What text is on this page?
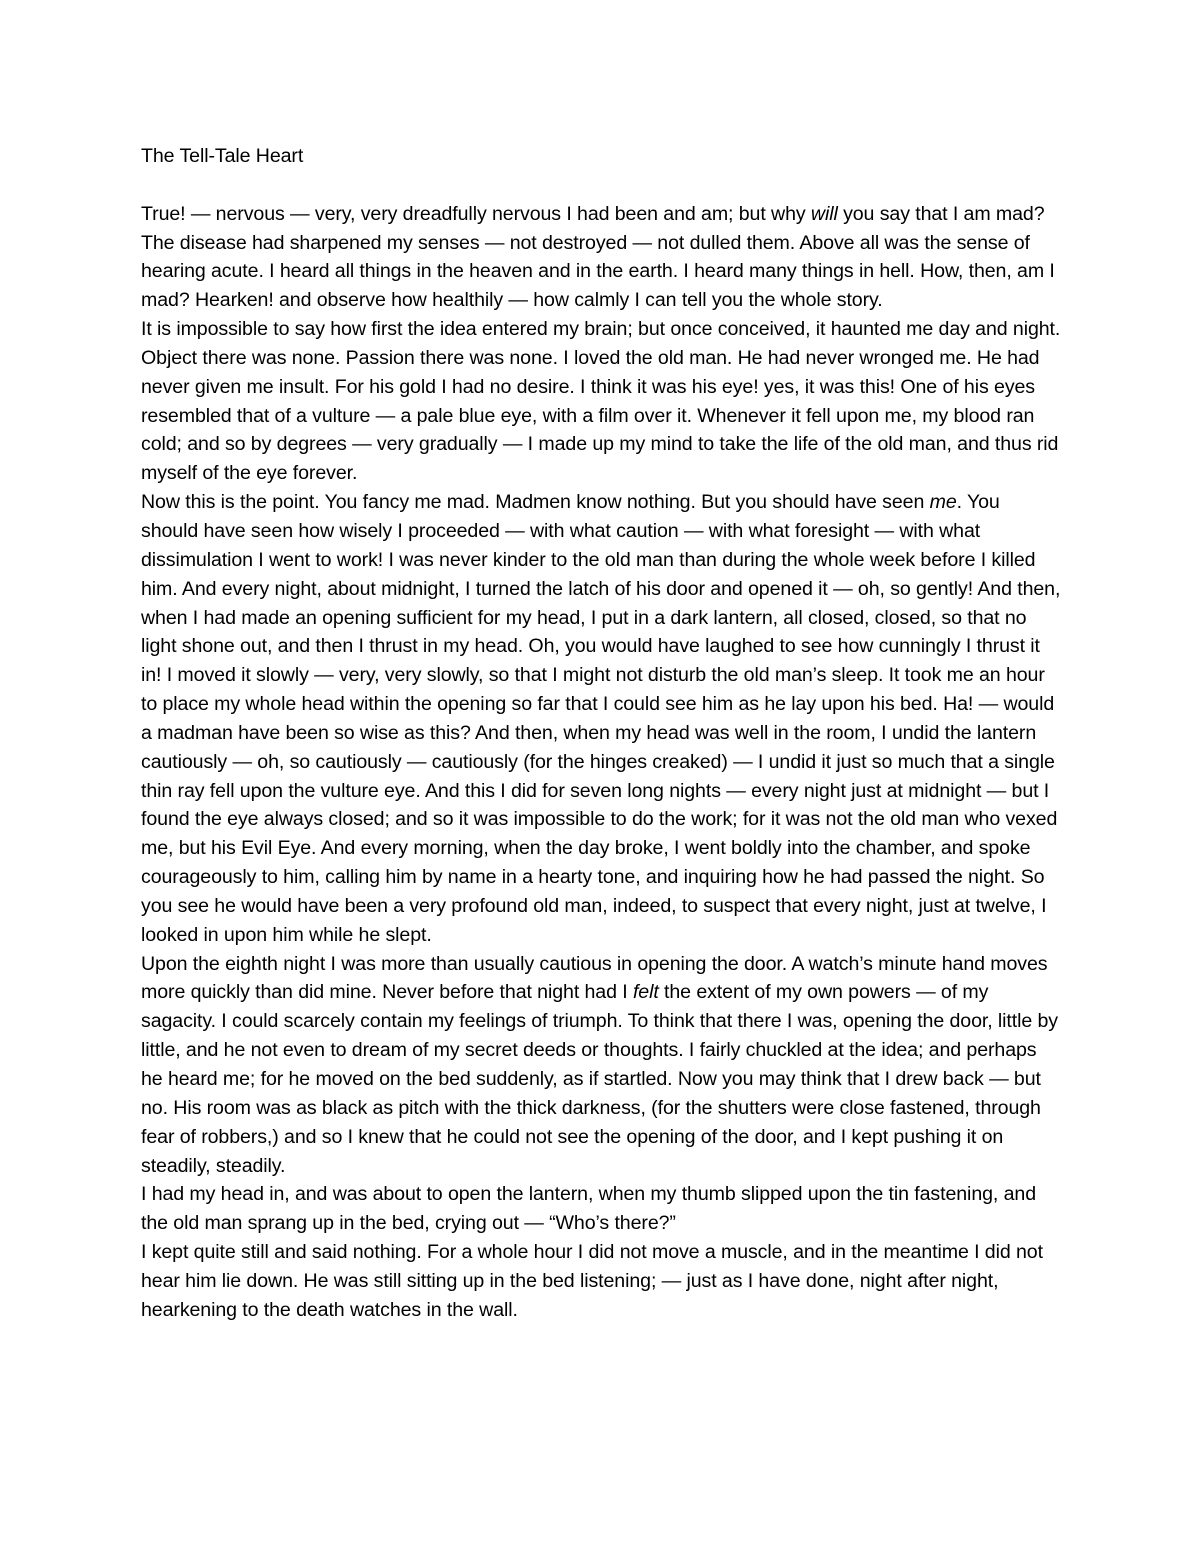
The Tell-Tale Heart

True! — nervous — very, very dreadfully nervous I had been and am; but why will you say that I am mad? The disease had sharpened my senses — not destroyed — not dulled them. Above all was the sense of hearing acute. I heard all things in the heaven and in the earth. I heard many things in hell. How, then, am I mad? Hearken! and observe how healthily — how calmly I can tell you the whole story.

It is impossible to say how first the idea entered my brain; but once conceived, it haunted me day and night. Object there was none. Passion there was none. I loved the old man. He had never wronged me. He had never given me insult. For his gold I had no desire. I think it was his eye! yes, it was this! One of his eyes resembled that of a vulture — a pale blue eye, with a film over it. Whenever it fell upon me, my blood ran cold; and so by degrees — very gradually — I made up my mind to take the life of the old man, and thus rid myself of the eye forever.

Now this is the point. You fancy me mad. Madmen know nothing. But you should have seen me. You should have seen how wisely I proceeded — with what caution — with what foresight — with what dissimulation I went to work! I was never kinder to the old man than during the whole week before I killed him. And every night, about midnight, I turned the latch of his door and opened it — oh, so gently! And then, when I had made an opening sufficient for my head, I put in a dark lantern, all closed, closed, so that no light shone out, and then I thrust in my head. Oh, you would have laughed to see how cunningly I thrust it in! I moved it slowly — very, very slowly, so that I might not disturb the old man’s sleep. It took me an hour to place my whole head within the opening so far that I could see him as he lay upon his bed. Ha! — would a madman have been so wise as this? And then, when my head was well in the room, I undid the lantern cautiously — oh, so cautiously — cautiously (for the hinges creaked) — I undid it just so much that a single thin ray fell upon the vulture eye. And this I did for seven long nights — every night just at midnight — but I found the eye always closed; and so it was impossible to do the work; for it was not the old man who vexed me, but his Evil Eye. And every morning, when the day broke, I went boldly into the chamber, and spoke courageously to him, calling him by name in a hearty tone, and inquiring how he had passed the night. So you see he would have been a very profound old man, indeed, to suspect that every night, just at twelve, I looked in upon him while he slept.

Upon the eighth night I was more than usually cautious in opening the door. A watch’s minute hand moves more quickly than did mine. Never before that night had I felt the extent of my own powers — of my sagacity. I could scarcely contain my feelings of triumph. To think that there I was, opening the door, little by little, and he not even to dream of my secret deeds or thoughts. I fairly chuckled at the idea; and perhaps he heard me; for he moved on the bed suddenly, as if startled. Now you may think that I drew back — but no. His room was as black as pitch with the thick darkness, (for the shutters were close fastened, through fear of robbers,) and so I knew that he could not see the opening of the door, and I kept pushing it on steadily, steadily.

I had my head in, and was about to open the lantern, when my thumb slipped upon the tin fastening, and the old man sprang up in the bed, crying out — “Who’s there?”

I kept quite still and said nothing. For a whole hour I did not move a muscle, and in the meantime I did not hear him lie down. He was still sitting up in the bed listening; — just as I have done, night after night, hearkening to the death watches in the wall.
